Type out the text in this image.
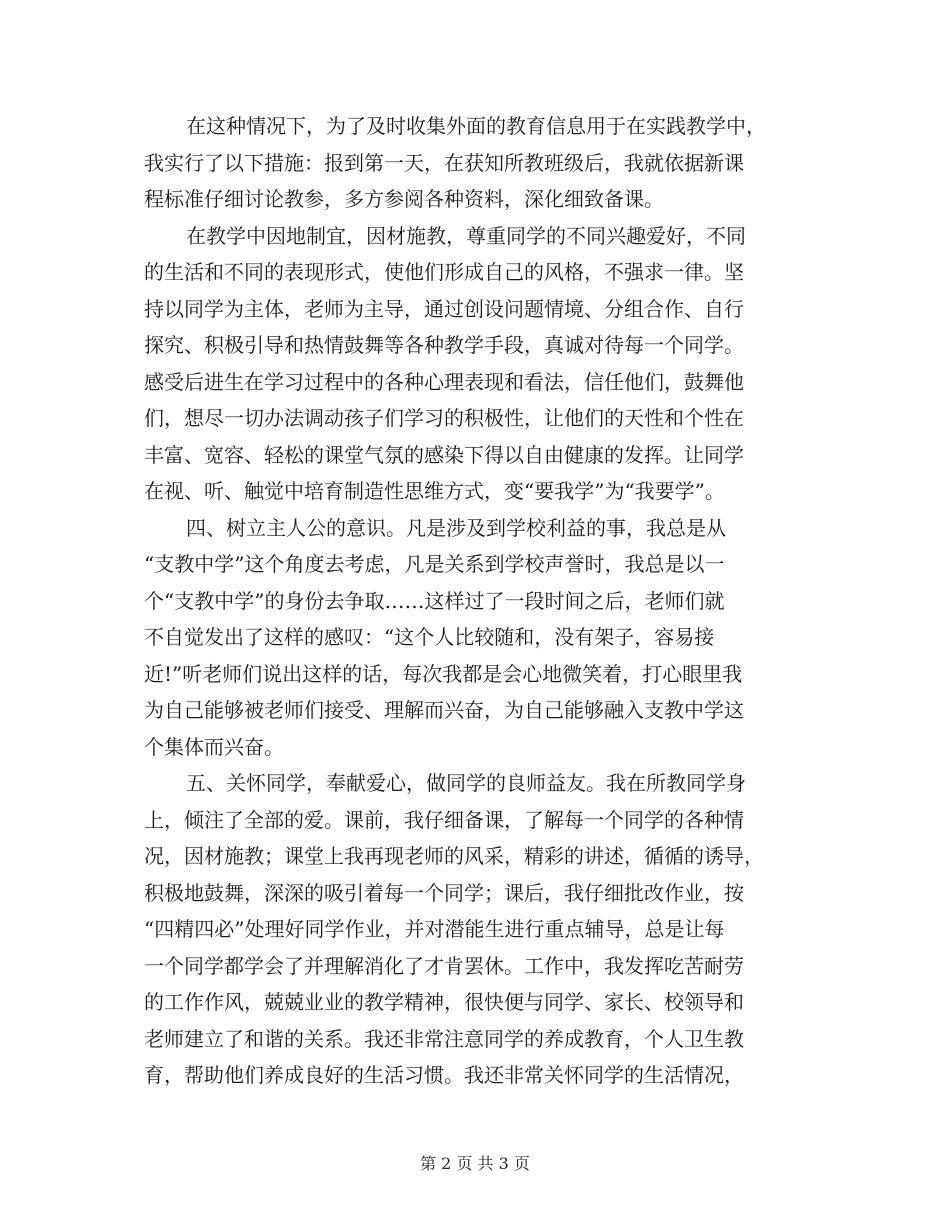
在这种情况下，为了及时收集外面的教育信息用于在实践教学中，
我实行了以下措施：报到第一天，在获知所教班级后，我就依据新课
程标准仔细讨论教参，多方参阅各种资料，深化细致备课。
在教学中因地制宜，因材施教，尊重同学的不同兴趣爱好，不同
的生活和不同的表现形式，使他们形成自己的风格，不强求一律。坚
持以同学为主体，老师为主导，通过创设问题情境、分组合作、自行
探究、积极引导和热情鼓舞等各种教学手段，真诚对待每一个同学。
感受后进生在学习过程中的各种心理表现和看法，信任他们，鼓舞他
们，想尽一切办法调动孩子们学习的积极性，让他们的天性和个性在
丰富、宽容、轻松的课堂气氛的感染下得以自由健康的发挥。让同学
在视、听、触觉中培育制造性思维方式，变“要我学”为“我要学”。
四、树立主人公的意识。凡是涉及到学校利益的事，我总是从
“支教中学”这个角度去考虑，凡是关系到学校声誉时，我总是以一
个“支教中学”的身份去争取……这样过了一段时间之后，老师们就
不自觉发出了这样的感叹：“这个人比较随和，没有架子，容易接
近!”听老师们说出这样的话，每次我都是会心地微笑着，打心眼里我
为自己能够被老师们接受、理解而兴奋，为自己能够融入支教中学这
个集体而兴奋。
五、关怀同学，奉献爱心，做同学的良师益友。我在所教同学身
上，倾注了全部的爱。课前，我仔细备课，了解每一个同学的各种情
况，因材施教；课堂上我再现老师的风采，精彩的讲述，循循的诱导，
积极地鼓舞，深深的吸引着每一个同学；课后，我仔细批改作业，按
“四精四必”处理好同学作业，并对潜能生进行重点辅导，总是让每
一个同学都学会了并理解消化了才肯罢休。工作中，我发挥吃苦耐劳
的工作作风，兢兢业业的教学精神，很快便与同学、家长、校领导和
老师建立了和谐的关系。我还非常注意同学的养成教育，个人卫生教
育，帮助他们养成良好的生活习惯。我还非常关怀同学的生活情况，
第 2 页 共 3 页
